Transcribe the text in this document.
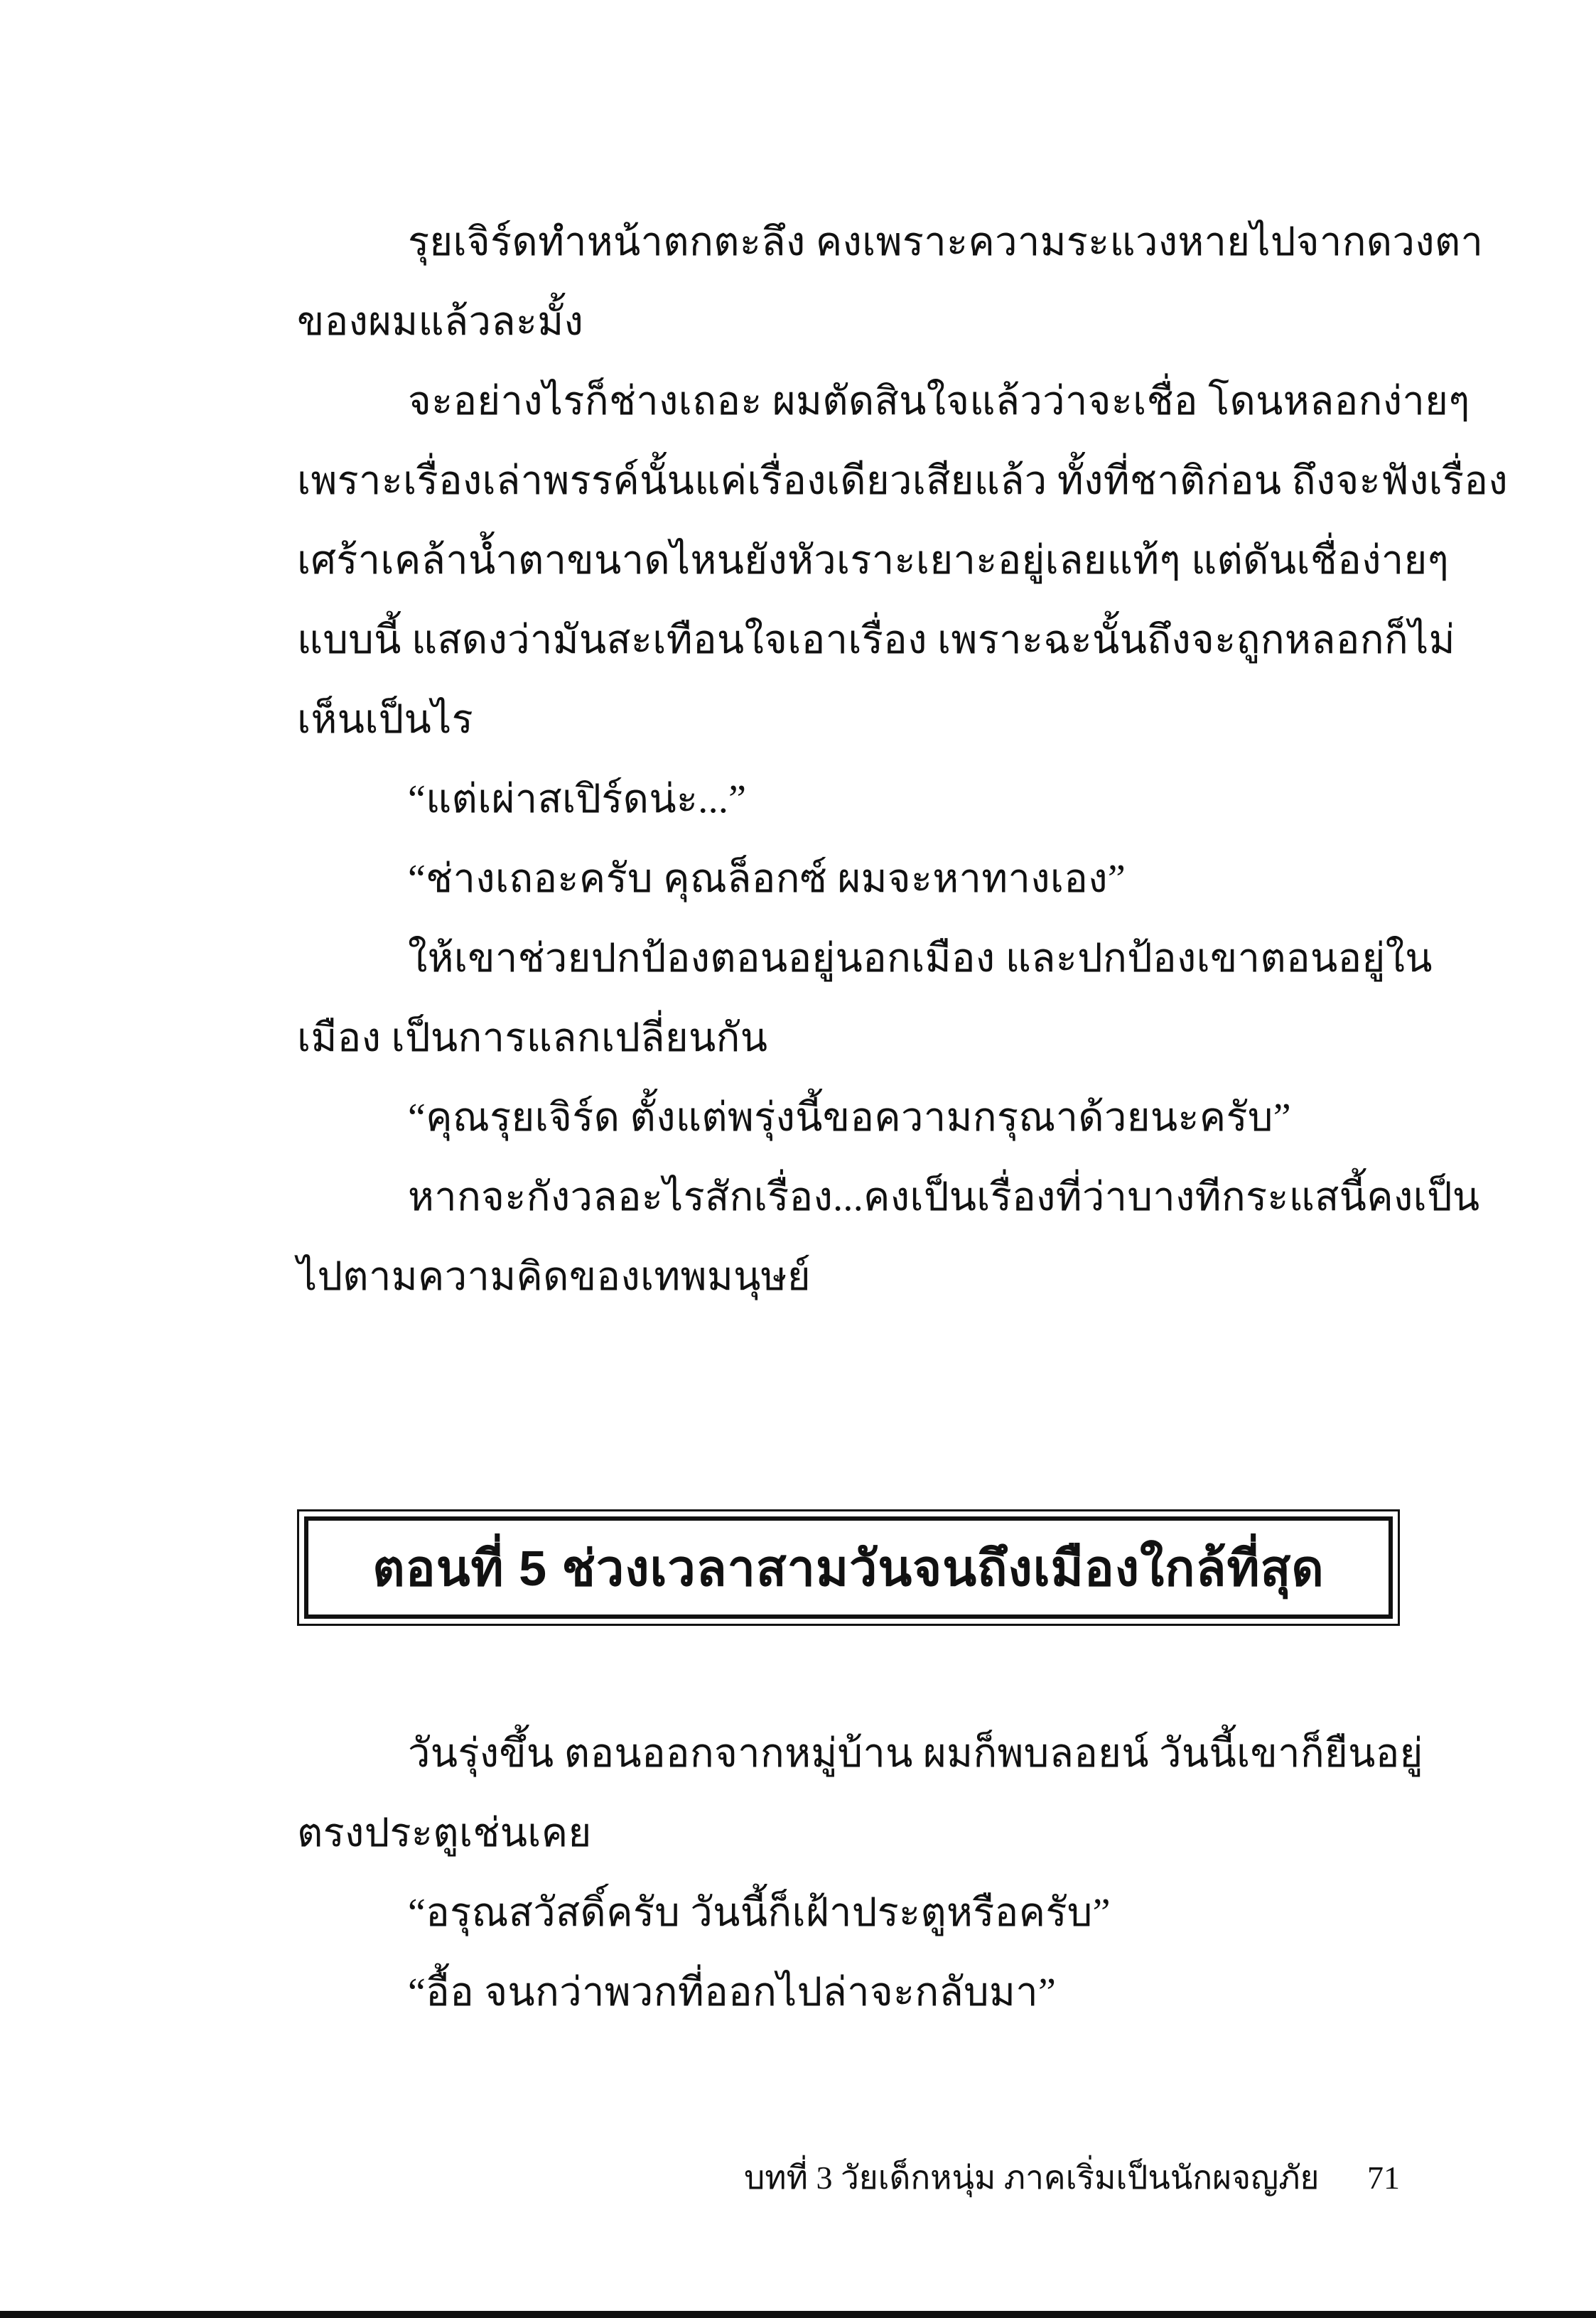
รุยเจิร์ดทำหน้าตกตะลึง คงเพราะความระแวงหายไปจากดวงตา
ของผมแล้วละมั้ง
จะอย่างไรก็ช่างเถอะ ผมตัดสินใจแล้วว่าจะเชื่อ โดนหลอกง่ายๆ
เพราะเรื่องเล่าพรรค์นั้นแค่เรื่องเดียวเสียแล้ว ทั้งที่ชาติก่อน ถึงจะฟังเรื่อง
เศร้าเคล้าน้ำตาขนาดไหนยังหัวเราะเยาะอยู่เลยแท้ๆ แต่ดันเชื่อง่ายๆ
แบบนี้ แสดงว่ามันสะเทือนใจเอาเรื่อง เพราะฉะนั้นถึงจะถูกหลอกก็ไม่
เห็นเป็นไร
“แต่เผ่าสเปิร์ดน่ะ...”
“ช่างเถอะครับ คุณล็อกซ์ ผมจะหาทางเอง”
ให้เขาช่วยปกป้องตอนอยู่นอกเมือง และปกป้องเขาตอนอยู่ใน
เมือง เป็นการแลกเปลี่ยนกัน
“คุณรุยเจิร์ด ตั้งแต่พรุ่งนี้ขอความกรุณาด้วยนะครับ”
หากจะกังวลอะไรสักเรื่อง...คงเป็นเรื่องที่ว่าบางทีกระแสนี้คงเป็น
ไปตามความคิดของเทพมนุษย์
ตอนที่ 5 ช่วงเวลาสามวันจนถึงเมืองใกล้ที่สุด
วันรุ่งขึ้น ตอนออกจากหมู่บ้าน ผมก็พบลอยน์ วันนี้เขาก็ยืนอยู่
ตรงประตูเช่นเคย
“อรุณสวัสดิ์ครับ วันนี้ก็เฝ้าประตูหรือครับ”
“อื้อ จนกว่าพวกที่ออกไปล่าจะกลับมา”
บทที่ 3 วัยเด็กหนุ่ม ภาคเริ่มเป็นนักผจญภัย 71
